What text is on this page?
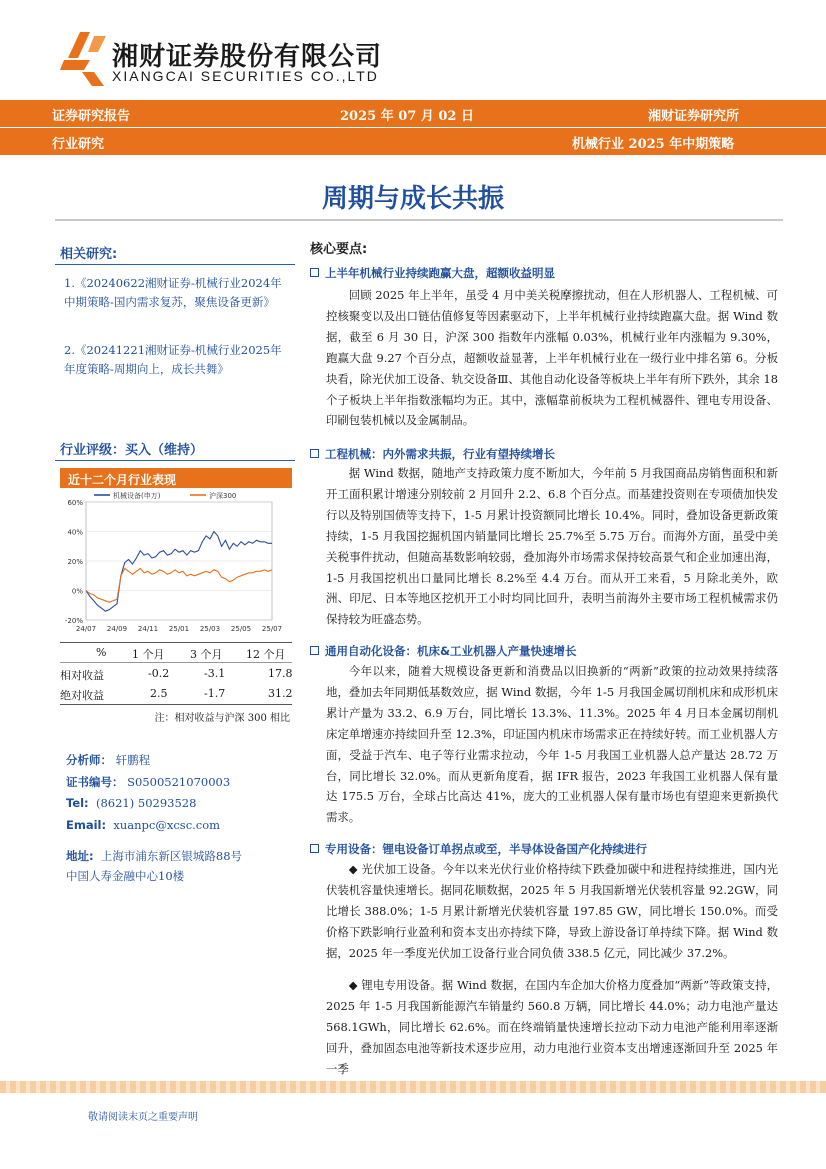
湘财证券股份有限公司
XIANGCAI SECURITIES CO.,LTD
证券研究报告	2025 年 07 月 02 日	湘财证券研究所
行业研究	机械行业 2025 年中期策略
周期与成长共振
相关研究:
1.《20240622湘财证券-机械行业2024年中期策略-国内需求复苏，聚焦设备更新》
2.《20241221湘财证券-机械行业2025年年度策略-周期向上，成长共舞》
行业评级：买入（维持）
近十二个月行业表现
60%
40%
20%
0%
-20%
24/07 24/09 24/11 25/01 25/03 25/05 25/07
机械设备(申万)	沪深300
% 1 个月 3 个月 12 个月
相对收益	-0.2	-3.1	17.8
绝对收益	2.5	-1.7	31.2
注：相对收益与沪深 300 相比
分析师： 轩鹏程
证书编号： S0500521070003
Tel: (8621) 50293528
Email: xuanpc@xcsc.com
地址: 上海市浦东新区银城路88号
中国人寿金融中心10楼
核心要点:
上半年机械行业持续跑赢大盘，超额收益明显
回顾 2025 年上半年，虽受 4 月中美关税摩擦扰动，但在人形机器人、工程机械、可控核聚变以及出口链估值修复等因素驱动下，上半年机械行业持续跑赢大盘。据 Wind 数据，截至 6 月 30 日，沪深 300 指数年内涨幅 0.03%，机械行业年内涨幅为 9.30%，跑赢大盘 9.27 个百分点，超额收益显著，上半年机械行业在一级行业中排名第 6。分板块看，除光伏加工设备、轨交设备Ⅲ、其他自动化设备等板块上半年有所下跌外，其余 18 个子板块上半年指数涨幅均为正。其中，涨幅靠前板块为工程机械器件、锂电专用设备、印刷包装机械以及金属制品。
工程机械：内外需求共振，行业有望持续增长
据 Wind 数据，随地产支持政策力度不断加大，今年前 5 月我国商品房销售面积和新开工面积累计增速分别较前 2 月回升 2.2、6.8 个百分点。而基建投资则在专项债加快发行以及特别国债等支持下，1-5 月累计投资额同比增长 10.4%。同时，叠加设备更新政策持续，1-5 月我国挖掘机国内销量同比增长 25.7%至 5.75 万台。而海外方面，虽受中美关税事件扰动，但随高基数影响较弱，叠加海外市场需求保持较高景气和企业加速出海，1-5 月我国挖机出口量同比增长 8.2%至 4.4 万台。而从开工来看，5 月除北美外，欧洲、印尼、日本等地区挖机开工小时均同比回升，表明当前海外主要市场工程机械需求仍保持较为旺盛态势。
通用自动化设备：机床&工业机器人产量快速增长
今年以来，随着大规模设备更新和消费品以旧换新的“两新”政策的拉动效果持续落地，叠加去年同期低基数效应，据 Wind 数据，今年 1-5 月我国金属切削机床和成形机床累计产量为 33.2、6.9 万台，同比增长 13.3%、11.3%。2025 年 4 月日本金属切削机床定单增速亦持续回升至 12.3%，印证国内机床市场需求正在持续好转。而工业机器人方面，受益于汽车、电子等行业需求拉动，今年 1-5 月我国工业机器人总产量达 28.72 万台，同比增长 32.0%。而从更新角度看，据 IFR 报告，2023 年我国工业机器人保有量达 175.5 万台，全球占比高达 41%，庞大的工业机器人保有量市场也有望迎来更新换代需求。
专用设备：锂电设备订单拐点或至，半导体设备国产化持续进行
◆ 光伏加工设备。今年以来光伏行业价格持续下跌叠加碳中和进程持续推进，国内光伏装机容量快速增长。据同花顺数据，2025 年 5 月我国新增光伏装机容量 92.2GW，同比增长 388.0%；1-5 月累计新增光伏装机容量 197.85 GW，同比增长 150.0%。而受价格下跌影响行业盈利和资本支出亦持续下降，导致上游设备订单持续下降。据 Wind 数据，2025 年一季度光伏加工设备行业合同负债 338.5 亿元，同比减少 37.2%。
◆ 锂电专用设备。据 Wind 数据，在国内车企加大价格力度叠加“两新”等政策支持，2025 年 1-5 月我国新能源汽车销量约 560.8 万辆，同比增长 44.0%；动力电池产量达 568.1GWh，同比增长 62.6%。而在终端销量快速增长拉动下动力电池产能利用率逐渐回升，叠加固态电池等新技术逐步应用，动力电池行业资本支出增速逐渐回升至 2025 年一季
敬请阅读末页之重要声明
